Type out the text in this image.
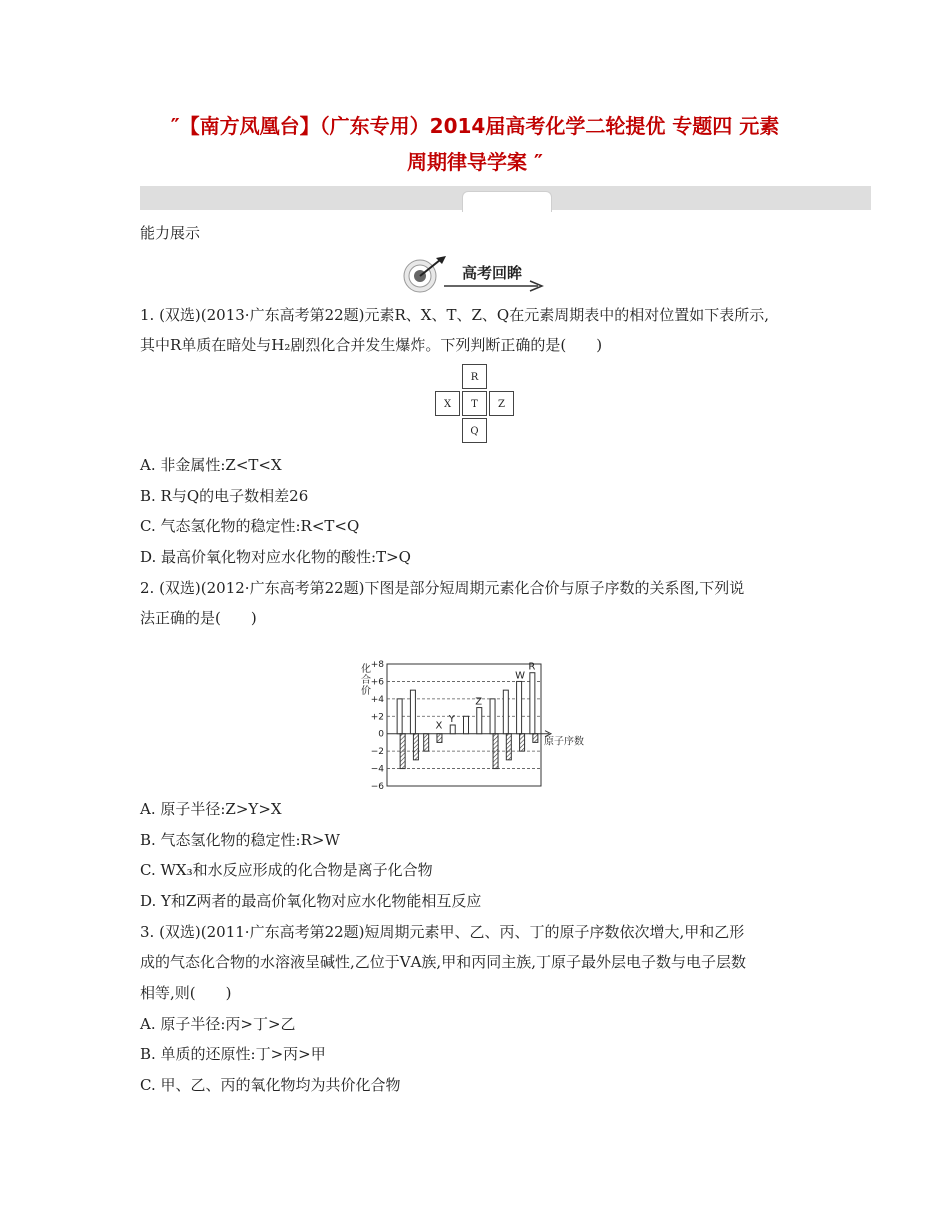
″【南方凤凰台】（广东专用）2014届高考化学二轮提优 专题四 元素
周期律导学案 ″
能力展示
高考回眸
1. (双选)(2013·广东高考第22题)元素R、X、T、Z、Q在元素周期表中的相对位置如下表所示,
其中R单质在暗处与H₂剧烈化合并发生爆炸。下列判断正确的是(　　)
R
X	T	Z
Q
A. 非金属性:Z<T<X
B. R与Q的电子数相差26
C. 气态氢化物的稳定性:R<T<Q
D. 最高价氧化物对应水化物的酸性:T>Q
2. (双选)(2012·广东高考第22题)下图是部分短周期元素化合价与原子序数的关系图,下列说
法正确的是(　　)
+8
+6
+4
+2
0
−2
−4
−6
化
合
价
原子序数
X
Y
Z
W
R
A. 原子半径:Z>Y>X
B. 气态氢化物的稳定性:R>W
C. WX₃和水反应形成的化合物是离子化合物
D. Y和Z两者的最高价氧化物对应水化物能相互反应
3. (双选)(2011·广东高考第22题)短周期元素甲、乙、丙、丁的原子序数依次增大,甲和乙形
成的气态化合物的水溶液呈碱性,乙位于ⅤA族,甲和丙同主族,丁原子最外层电子数与电子层数
相等,则(　　)
A. 原子半径:丙>丁>乙
B. 单质的还原性:丁>丙>甲
C. 甲、乙、丙的氧化物均为共价化合物
